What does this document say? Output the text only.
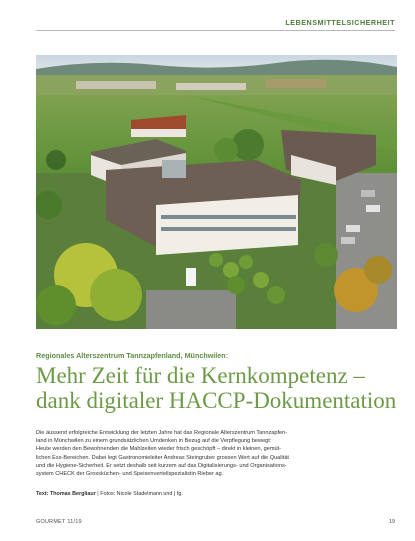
LEBENSMITTELSICHERHEIT
Regionales Alterszentrum Tannzapfenland, Münchwilen:
Mehr Zeit für die Kernkompetenz –
dank digitaler HACCP-Dokumentation
Die äusserst erfolgreiche Entwicklung der letzten Jahre hat das Regionale Alterszentrum Tannzapfen-
land in Münchwilen zu einem grundsätzlichen Umdenken in Bezug auf die Verpflegung bewegt:
Heute werden den Bewohnenden die Mahlzeiten wieder frisch geschöpft – direkt in kleinen, gemüt-
lichen Ess-Bereichen. Dabei legt Gastronomieleiter Andreas Steingruber grossen Wert auf die Qualität
und die Hygiene-Sicherheit. Er setzt deshalb seit kurzem auf das Digitalisierungs- und Organisations-
system CHECK der Grossküchen- und Speisenverteilspezialistin Rieber ag.
Text: Thomas Bergliaur | Fotos: Nicole Stadelmann und | fg.
GOURMET 11/19	19
